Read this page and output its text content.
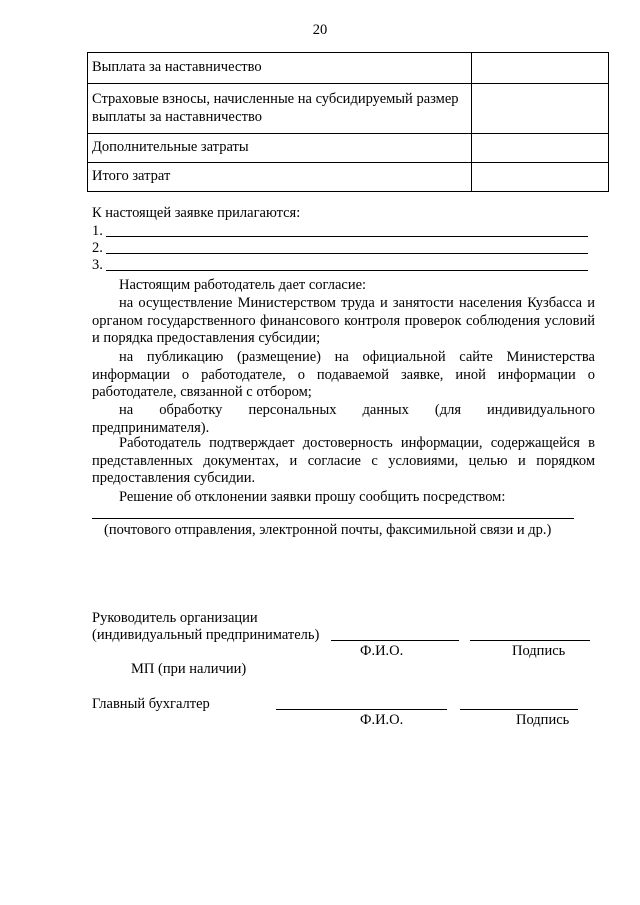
20
Выплата за наставничество	
Страховые взносы, начисленные на субсидируемый размер выплаты за наставничество	
Дополнительные затраты	
Итого затрат	
К настоящей заявке прилагаются:
1.
2.
3.
Настоящим работодатель дает согласие:
на осуществление Министерством труда и занятости населения Кузбасса и органом государственного финансового контроля проверок соблюдения условий и порядка предоставления субсидии;
на публикацию (размещение) на официальной сайте Министерства информации о работодателе, о подаваемой заявке, иной информации о работодателе, связанной с отбором;
на обработку персональных данных (для индивидуального предпринимателя).
Работодатель подтверждает достоверность информации, содержащейся в представленных документах, и согласие с условиями, целью и порядком предоставления субсидии.
Решение об отклонении заявки прошу сообщить посредством:
(почтового отправления, электронной почты, факсимильной связи и др.)
Руководитель организации
(индивидуальный предприниматель)
Ф.И.О.	Подпись
МП (при наличии)
Главный бухгалтер
Ф.И.О.	Подпись
